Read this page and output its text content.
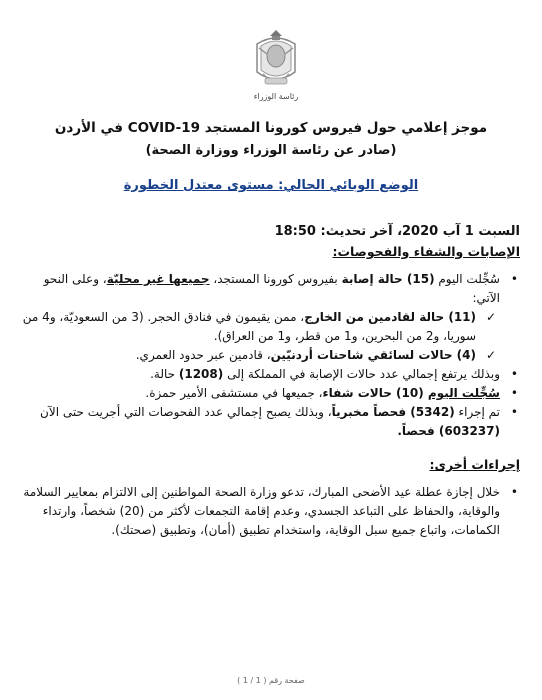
رئاسة الوزراء
موجز إعلامي حول فيروس كورونا المستجد COVID-19 في الأردن
(صادر عن رئاسة الوزراء ووزارة الصحة)
الوضع الوبائي الحالي: مستوى معتدل الخطورة
السبت 1 آب 2020، آخر تحديث: 18:50
الإصابات والشفاء والفحوصات:
•
سُجِّلت اليوم (15) حالة إصابة بفيروس كورونا المستجد، جميعها غير محليّة، وعلى النحو الآتي:
✓
(11) حالة لقادمين من الخارج، ممن يقيمون في فنادق الحجر. (3 من السعوديّة، و4 من سوريا، و2 من البحرين، و1 من قطر، و1 من العراق).
✓
(4) حالات لسائقي شاحنات أردنيّين، قادمين عبر حدود العمري.
•
وبذلك يرتفع إجمالي عدد حالات الإصابة في المملكة إلى (1208) حالة.
•
سُجِّلت اليوم (10) حالات شفاء، جميعها في مستشفى الأمير حمزة.
•
تم إجراء (5342) فحصاً مخبرياً، وبذلك يصبح إجمالي عدد الفحوصات التي أجريت حتى الآن (603237) فحصاً.
إجراءات أخرى:
•
خلال إجازة عطلة عيد الأضحى المبارك، تدعو وزارة الصحة المواطنين إلى الالتزام بمعايير السلامة والوقاية، والحفاظ على التباعد الجسدي، وعدم إقامة التجمعات لأكثر من (20) شخصاً، وارتداء الكمامات، واتباع جميع سبل الوقاية، واستخدام تطبيق (أمان)، وتطبيق (صحتك).
صفحة رقم ( 1 / 1 )
